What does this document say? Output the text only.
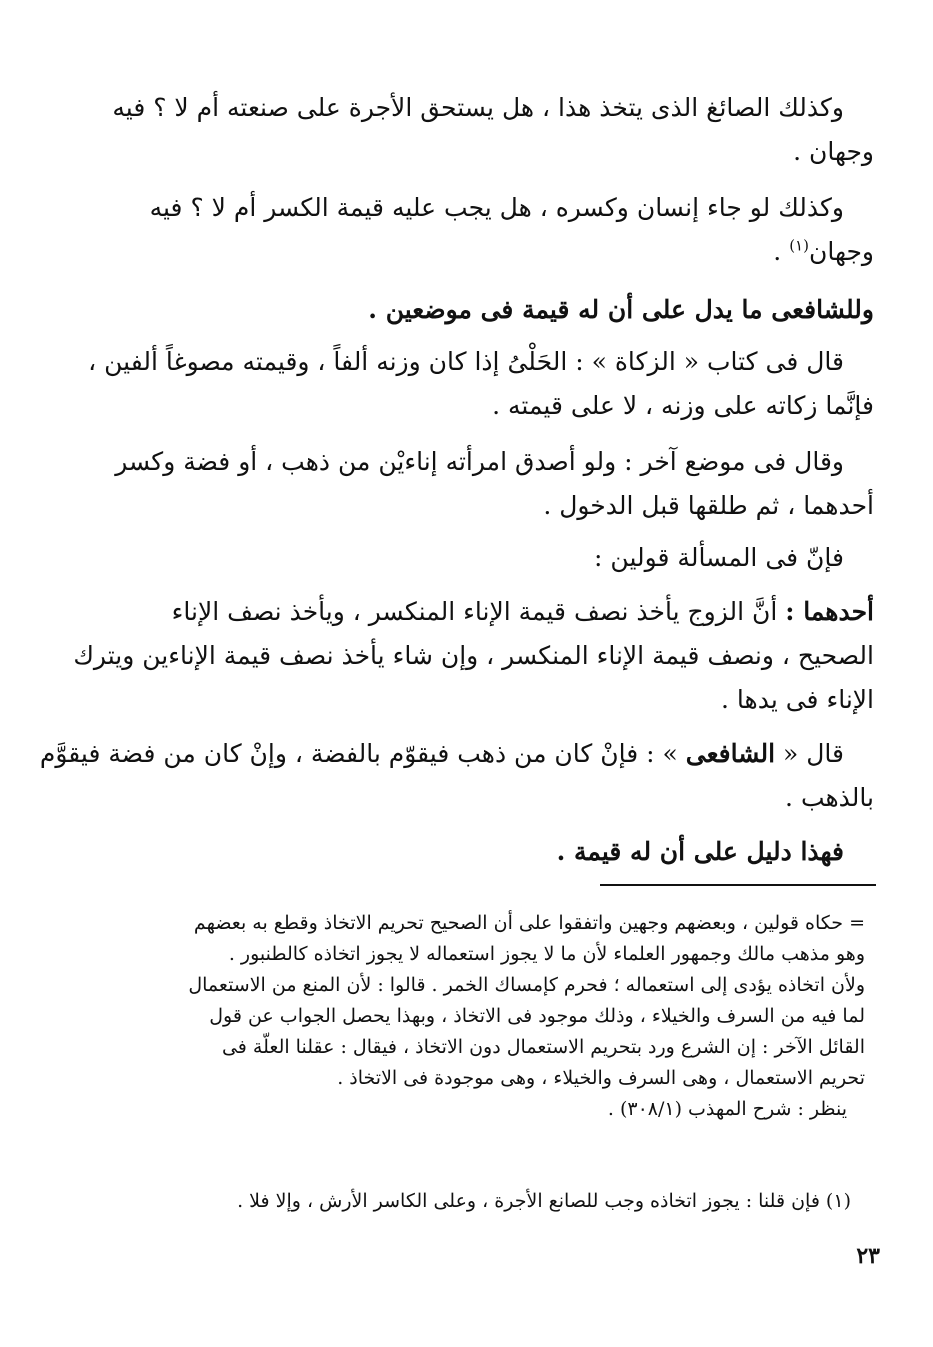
وكذلك الصائغ الذى يتخذ هذا ، هل يستحق الأجرة على صنعته أم لا ؟ فيه
وجهان .
وكذلك لو جاء إنسان وكسره ، هل يجب عليه قيمة الكسر أم لا ؟ فيه
وجهان$^{(١)}$ .
وللشافعى ما يدل على أن له قيمة فى موضعين .
قال فى كتاب « الزكاة » : الحَلْىُ إذا كان وزنه ألفاً ، وقيمته مصوغاً ألفين ،
فإنَّما زكاته على وزنه ، لا على قيمته .
وقال فى موضع آخر : ولو أصدق امرأته إناءيْن من ذهب ، أو فضة وكسر
أحدهما ، ثم طلقها قبل الدخول .
فإنّ فى المسألة قولين :
أحدهما : أنَّ الزوج يأخذ نصف قيمة الإناء المنكسر ، ويأخذ نصف الإناء
الصحيح ، ونصف قيمة الإناء المنكسر ، وإن شاء يأخذ نصف قيمة الإناءين ويترك
الإناء فى يدها .
قال « الشافعى » : فإنْ كان من ذهب فيقوّم بالفضة ، وإنْ كان من فضة فيقوَّم
بالذهب .
فهذا دليل على أن له قيمة .
= حكاه قولين ، وبعضهم وجهين واتفقوا على أن الصحيح تحريم الاتخاذ وقطع به بعضهم
وهو مذهب مالك وجمهور العلماء لأن ما لا يجوز استعماله لا يجوز اتخاذه كالطنبور .
ولأن اتخاذه يؤدى إلى استعماله ؛ فحرم كإمساك الخمر . قالوا : لأن المنع من الاستعمال
لما فيه من السرف والخيلاء ، وذلك موجود فى الاتخاذ ، وبهذا يحصل الجواب عن قول
القائل الآخر : إن الشرع ورد بتحريم الاستعمال دون الاتخاذ ، فيقال : عقلنا العلّة فى
تحريم الاستعمال ، وهى السرف والخيلاء ، وهى موجودة فى الاتخاذ .
ينظر : شرح المهذب (٣٠٨/١) .
(١) فإن قلنا : يجوز اتخاذه وجب للصانع الأجرة ، وعلى الكاسر الأرش ، وإلا فلا .
٢٣
